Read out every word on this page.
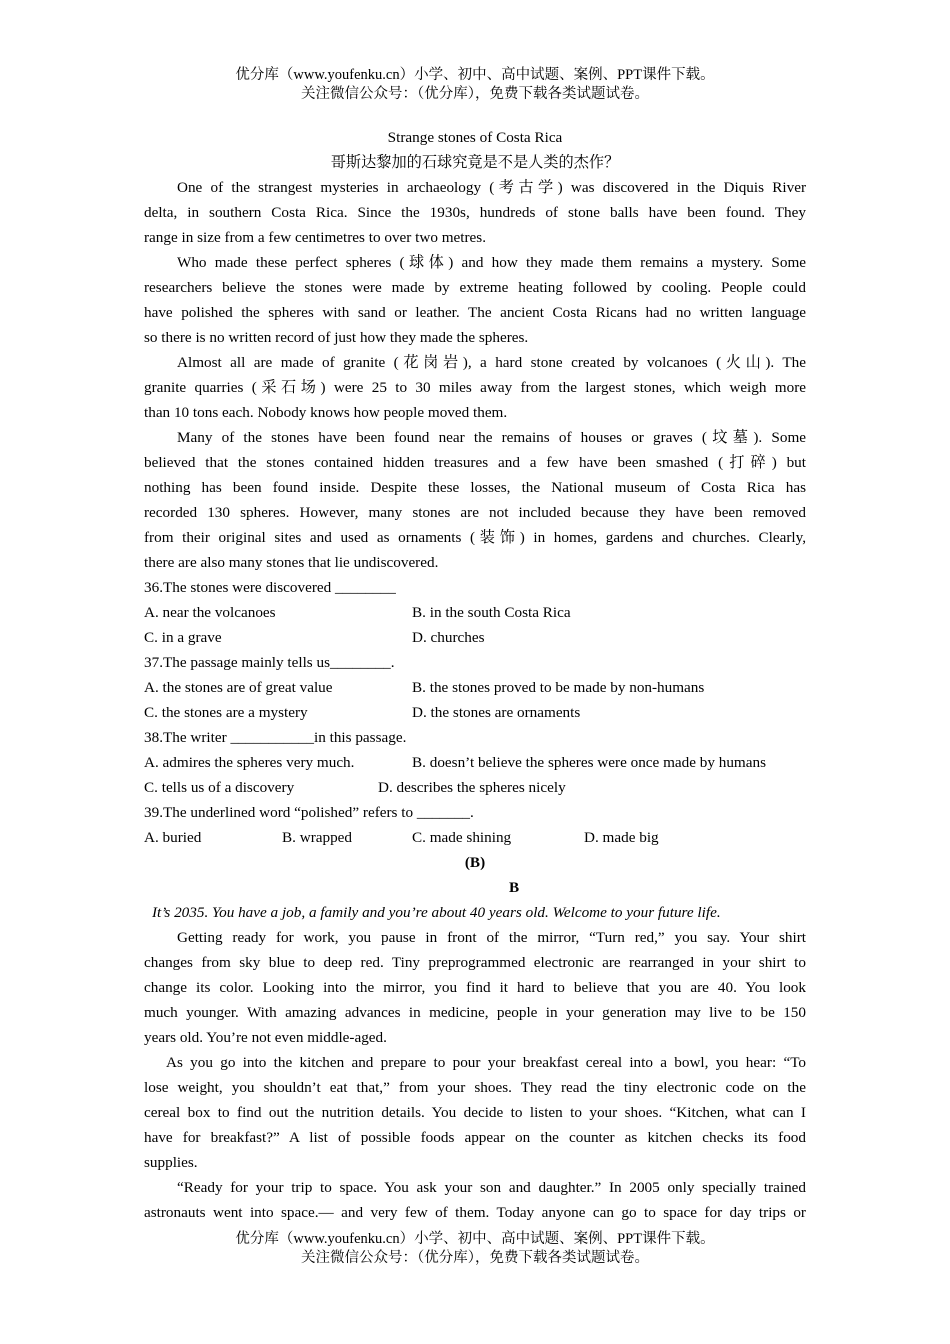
优分库（www.youfenku.cn）小学、初中、高中试题、案例、PPT课件下载。
关注微信公众号：（优分库），免费下载各类试题试卷。
Strange stones of Costa Rica
哥斯达黎加的石球究竟是不是人类的杰作？
One of the strangest mysteries in archaeology (考古学) was discovered in the Diquis River
delta, in southern Costa Rica. Since the 1930s, hundreds of stone balls have been found. They
range in size from a few centimetres to over two metres.
Who made these perfect spheres (球体) and how they made them remains a mystery. Some
researchers believe the stones were made by extreme heating followed by cooling. People could
have polished the spheres with sand or leather. The ancient Costa Ricans had no written language
so there is no written record of just how they made the spheres.
Almost all are made of granite (花岗岩), a hard stone created by volcanoes (火山). The
granite quarries (采石场) were 25 to 30 miles away from the largest stones, which weigh more
than 10 tons each. Nobody knows how people moved them.
Many of the stones have been found near the remains of houses or graves (坟墓). Some
believed that the stones contained hidden treasures and a few have been smashed (打碎) but
nothing has been found inside. Despite these losses, the National museum of Costa Rica has
recorded 130 spheres. However, many stones are not included because they have been removed
from their original sites and used as ornaments (装饰) in homes, gardens and churches. Clearly,
there are also many stones that lie undiscovered.
36.The stones were discovered ________
A. near the volcanoes	B. in the south Costa Rica
C. in a grave	D. churches
37.The passage mainly tells us________.
A. the stones are of great value	B. the stones proved to be made by non-humans
C. the stones are a mystery	D. the stones are ornaments
38.The writer ___________in this passage.
A. admires the spheres very much.	B. doesn’t believe the spheres were once made by humans
C. tells us of a discovery	D. describes the spheres nicely
39.The underlined word “polished” refers to _______.
A. buried	B. wrapped	C. made shining	D. made big
(B)
B
It’s 2035. You have a job, a family and you’re about 40 years old. Welcome to your future life.
Getting ready for work, you pause in front of the mirror, “Turn red,” you say. Your shirt
changes from sky blue to deep red. Tiny preprogrammed electronic are rearranged in your shirt to
change its color. Looking into the mirror, you find it hard to believe that you are 40. You look
much younger. With amazing advances in medicine, people in your generation may live to be 150
years old. You’re not even middle-aged.
As you go into the kitchen and prepare to pour your breakfast cereal into a bowl, you hear: “To
lose weight, you shouldn’t eat that,” from your shoes. They read the tiny electronic code on the
cereal box to find out the nutrition details. You decide to listen to your shoes. “Kitchen, what can I
have for breakfast?” A list of possible foods appear on the counter as kitchen checks its food
supplies.
“Ready for your trip to space. You ask your son and daughter.” In 2005 only specially trained
astronauts went into space.— and very few of them. Today anyone can go to space for day trips or
优分库（www.youfenku.cn）小学、初中、高中试题、案例、PPT课件下载。
关注微信公众号：（优分库），免费下载各类试题试卷。
